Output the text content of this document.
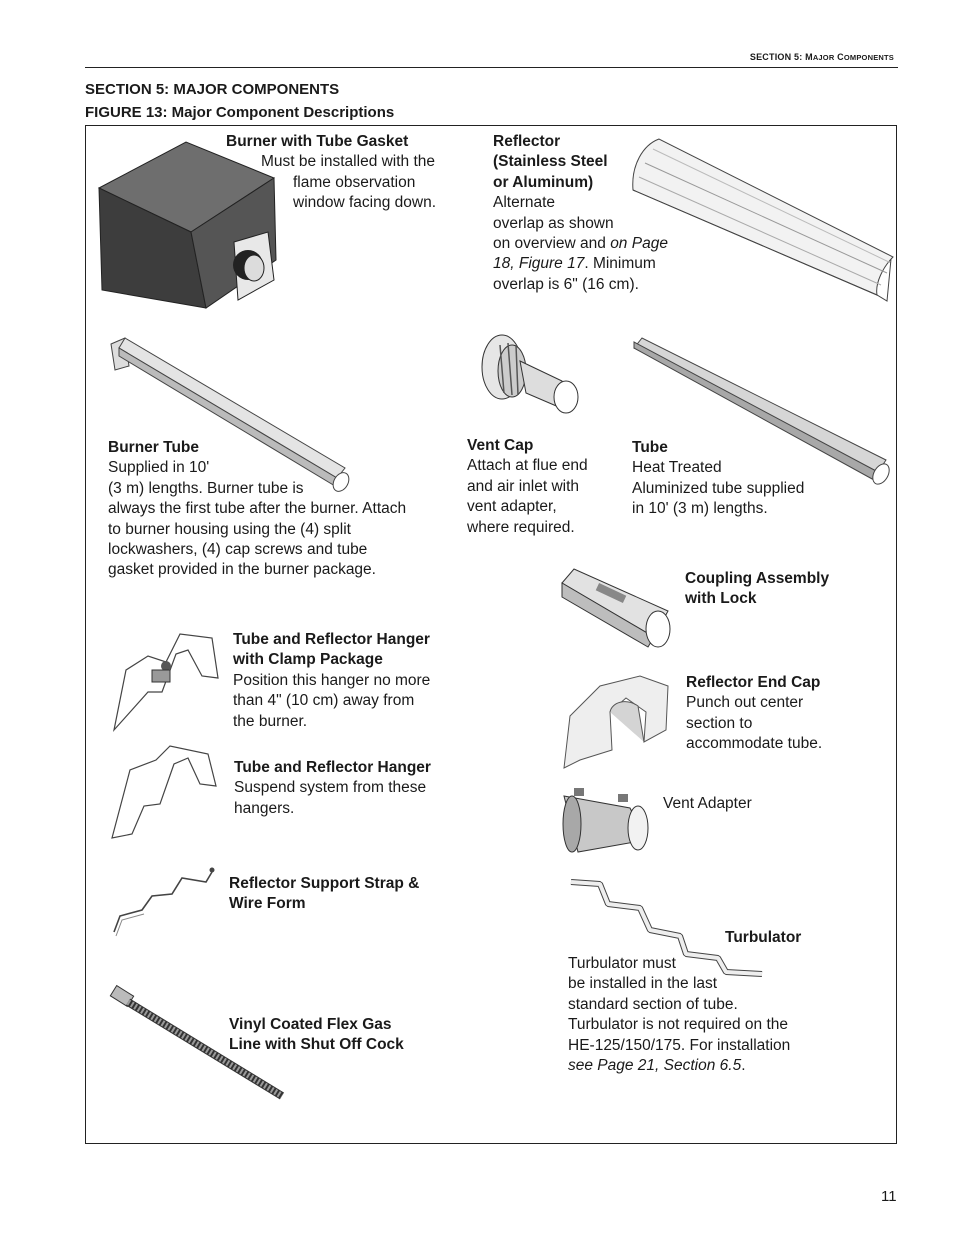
SECTION 5: MAJOR COMPONENTS
SECTION 5: MAJOR COMPONENTS
FIGURE 13: Major Component Descriptions
Burner with Tube Gasket
Must be installed with the
flame observation
window facing down.
Reflector
(Stainless Steel
or Aluminum)
Alternate
overlap as shown
on overview and on Page
18, Figure 17. Minimum
overlap is 6" (16 cm).
Burner Tube
Supplied in 10'
(3 m) lengths. Burner tube is
always the first tube after the burner. Attach
to burner housing using the (4) split
lockwashers, (4) cap screws and tube
gasket provided in the burner package.
Vent Cap
Attach at flue end
and air inlet with
vent adapter,
where required.
Tube
Heat Treated
Aluminized tube supplied
in 10' (3 m) lengths.
Coupling Assembly
with Lock
Tube and Reflector Hanger
with Clamp Package
Position this hanger no more
than 4" (10 cm) away from
the burner.
Reflector End Cap
Punch out center
section to
accommodate tube.
Tube and Reflector Hanger
Suspend system from these
hangers.	Vent Adapter
Reflector Support Strap &
Wire Form
Turbulator
Turbulator must
be installed in the last
standard section of tube.
Turbulator is not required on the
HE-125/150/175. For installation
see Page 21, Section 6.5.
Vinyl Coated Flex Gas
Line with Shut Off Cock
11
